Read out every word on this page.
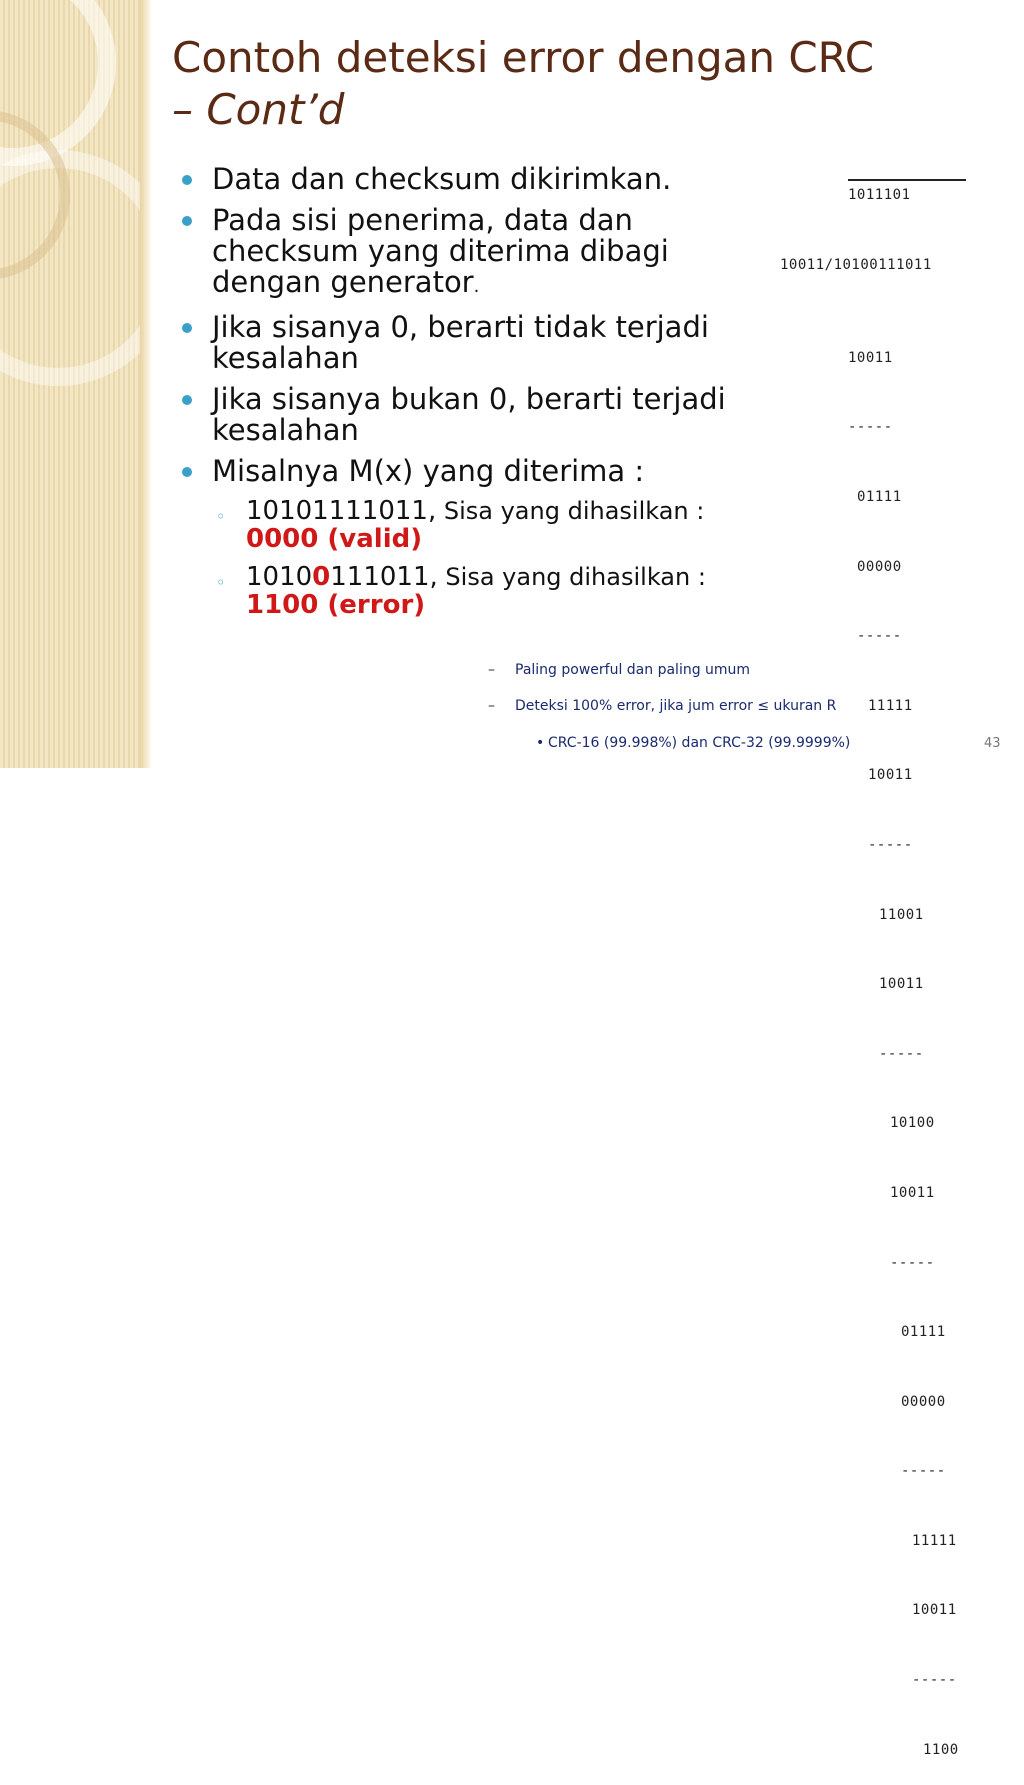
Contoh deteksi error dengan CRC
– Cont’d
Data dan checksum dikirimkan.
Pada sisi penerima, data dan checksum yang diterima dibagi dengan generator.
Jika sisanya 0, berarti tidak terjadi kesalahan
Jika sisanya bukan 0, berarti terjadi kesalahan
Misalnya M(x) yang diterima :
◦ 10101111011, Sisa yang dihasilkan :
0000 (valid)
◦ 10100111011, Sisa yang dihasilkan :
1100 (error)

1011101

10011/10100111011

10011

-----

01111

00000

-----

11111

10011

-----

11001

10011

-----

10100

10011

-----

01111

00000

-----

11111

10011

-----

1100

– Paling powerful dan paling umum
– Deteksi 100% error, jika jum error ≤ ukuran R
• CRC-16 (99.998%) dan CRC-32 (99.9999%)	43
